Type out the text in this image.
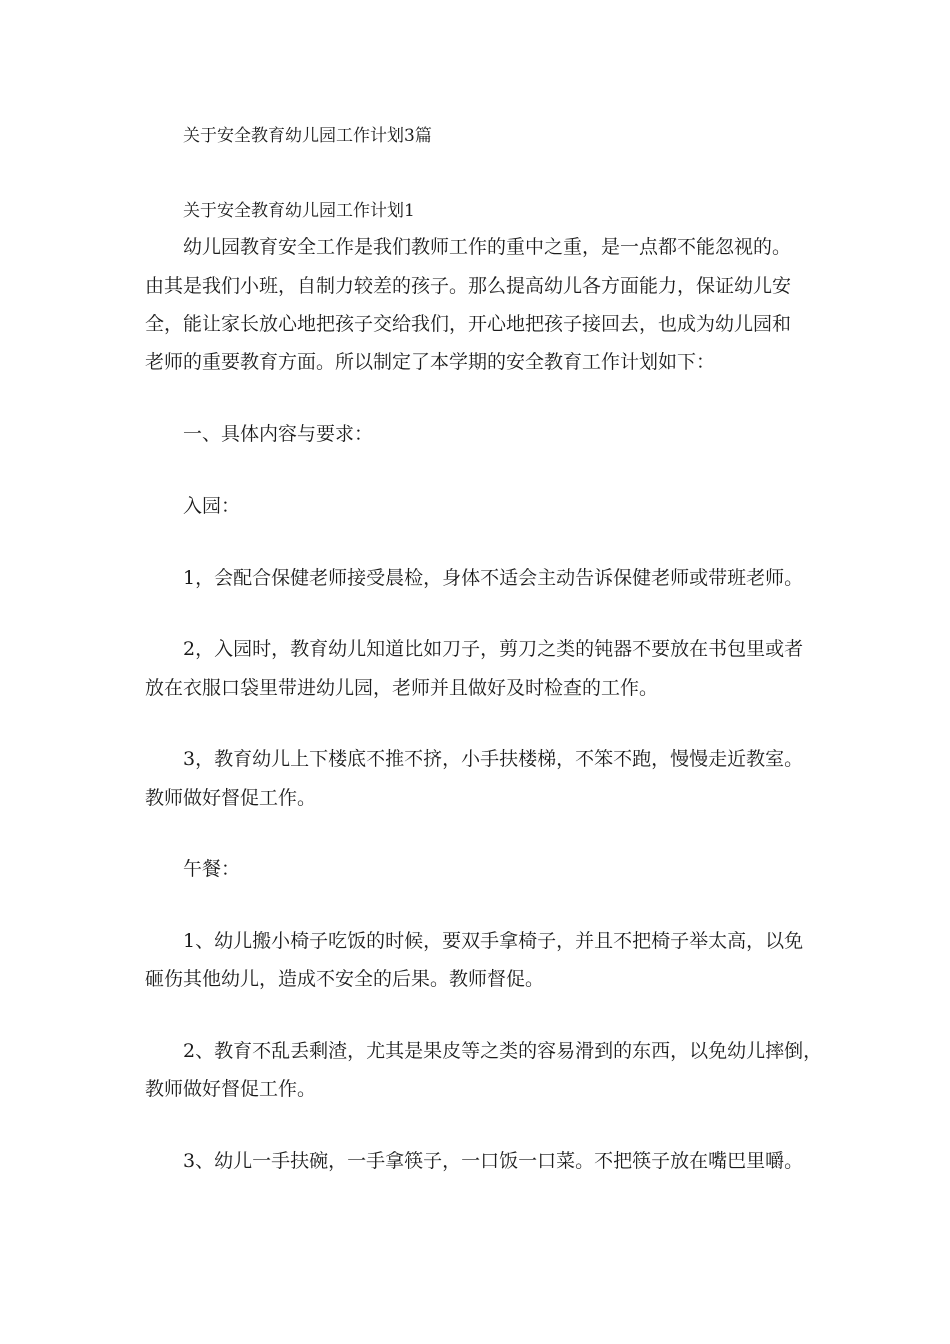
关于安全教育幼儿园工作计划3篇
关于安全教育幼儿园工作计划1
幼儿园教育安全工作是我们教师工作的重中之重，是一点都不能忽视的。
由其是我们小班，自制力较差的孩子。那么提高幼儿各方面能力，保证幼儿安
全，能让家长放心地把孩子交给我们，开心地把孩子接回去，也成为幼儿园和
老师的重要教育方面。所以制定了本学期的安全教育工作计划如下：
一、具体内容与要求：
入园：
1，会配合保健老师接受晨检，身体不适会主动告诉保健老师或带班老师。
2，入园时，教育幼儿知道比如刀子，剪刀之类的钝器不要放在书包里或者
放在衣服口袋里带进幼儿园，老师并且做好及时检查的工作。
3，教育幼儿上下楼底不推不挤，小手扶楼梯，不笨不跑，慢慢走近教室。
教师做好督促工作。
午餐：
1、幼儿搬小椅子吃饭的时候，要双手拿椅子，并且不把椅子举太高，以免
砸伤其他幼儿，造成不安全的后果。教师督促。
2、教育不乱丢剩渣，尤其是果皮等之类的容易滑到的东西，以免幼儿摔倒，
教师做好督促工作。
3、幼儿一手扶碗，一手拿筷子，一口饭一口菜。不把筷子放在嘴巴里嚼。
